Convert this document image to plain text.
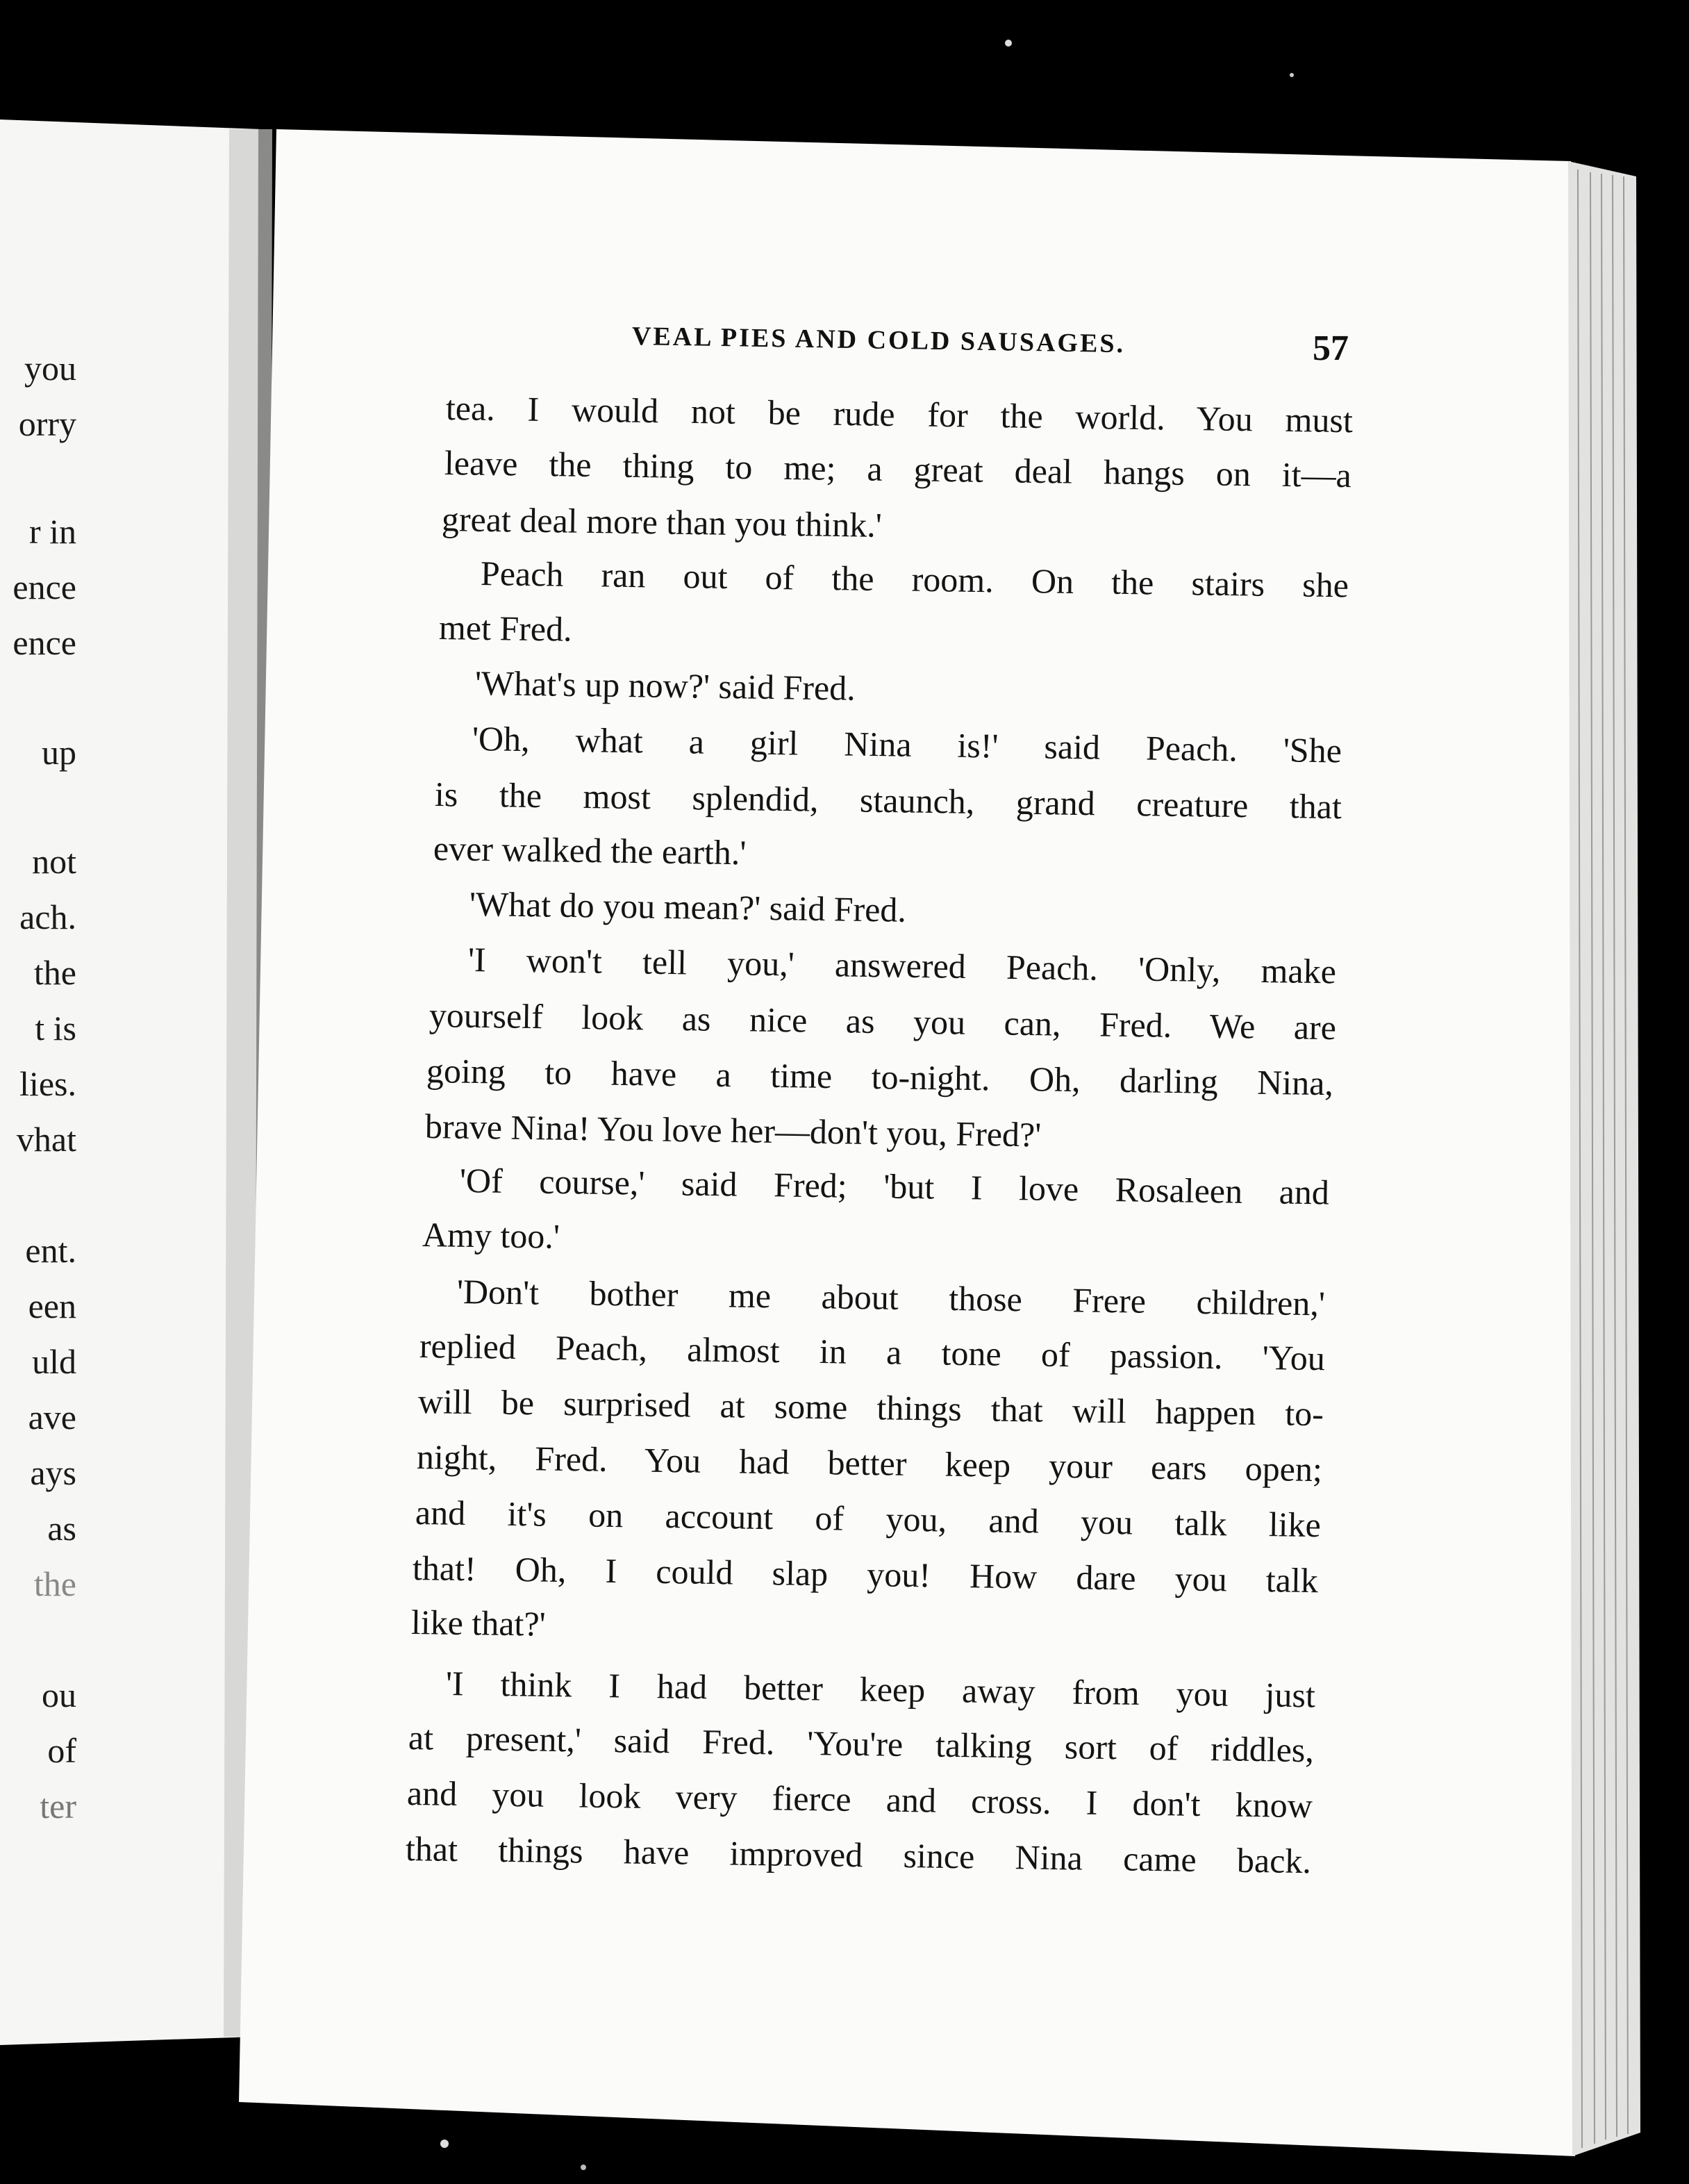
you
orry
r in
ence
ence
up
not
ach.
the
t is
lies.
vhat
ent.
een
uld
ave
ays
as
the
ou
of
ter
VEAL PIES AND COLD SAUSAGES.	57
tea. I would not be rude for the world. You must
leave the thing to me; a great deal hangs on it—a
great deal more than you think.'
Peach ran out of the room. On the stairs she
met Fred.
'What's up now?' said Fred.
'Oh, what a girl Nina is!' said Peach. 'She
is the most splendid, staunch, grand creature that
ever walked the earth.'
'What do you mean?' said Fred.
'I won't tell you,' answered Peach. 'Only, make
yourself look as nice as you can, Fred. We are
going to have a time to-night. Oh, darling Nina,
brave Nina! You love her—don't you, Fred?'
'Of course,' said Fred; 'but I love Rosaleen and
Amy too.'
'Don't bother me about those Frere children,'
replied Peach, almost in a tone of passion. 'You
will be surprised at some things that will happen to-
night, Fred. You had better keep your ears open;
and it's on account of you, and you talk like
that! Oh, I could slap you! How dare you talk
like that?'
'I think I had better keep away from you just
at present,' said Fred. 'You're talking sort of riddles,
and you look very fierce and cross. I don't know
that things have improved since Nina came back.
